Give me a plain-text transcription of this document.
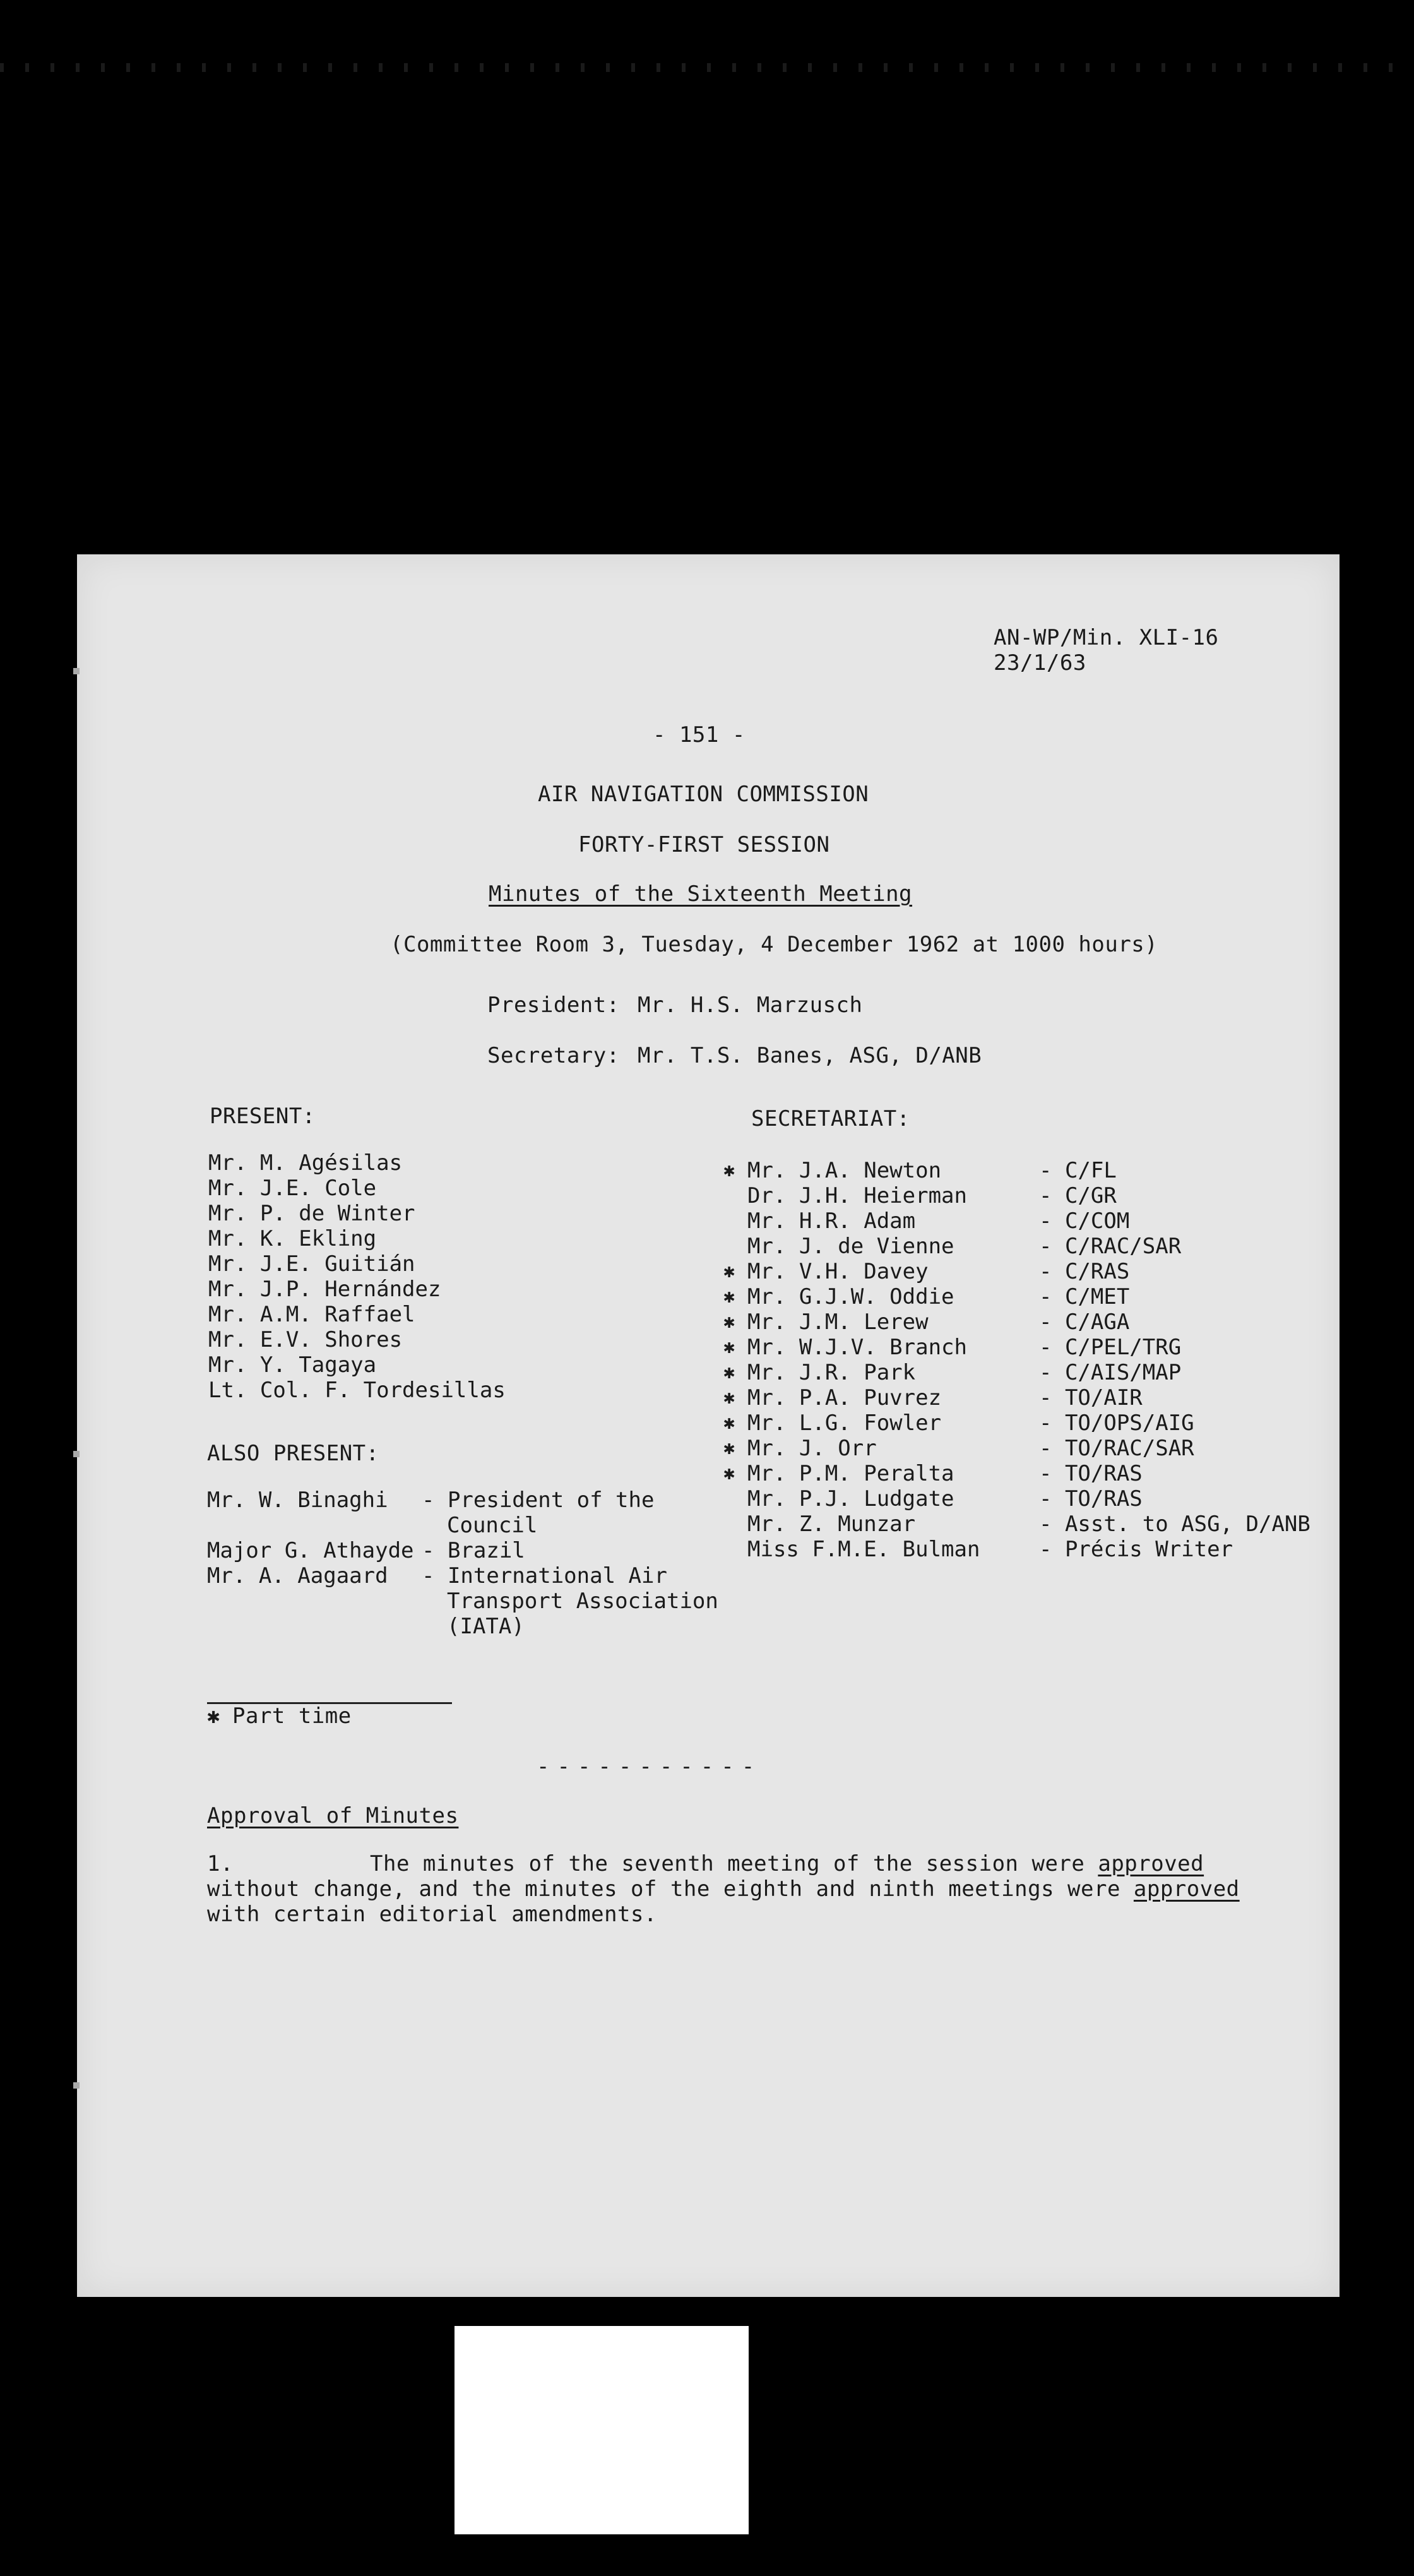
AN-WP/Min. XLI-16
23/1/63
- 151 -
AIR NAVIGATION COMMISSION
FORTY-FIRST SESSION
Minutes of the Sixteenth Meeting
(Committee Room 3, Tuesday, 4 December 1962 at 1000 hours)
President: Mr. H.S. Marzusch
Secretary: Mr. T.S. Banes, ASG, D/ANB
PRESENT:
Mr. M. Agésilas
Mr. J.E. Cole
Mr. P. de Winter
Mr. K. Ekling
Mr. J.E. Guitián
Mr. J.P. Hernández
Mr. A.M. Raffael
Mr. E.V. Shores
Mr. Y. Tagaya
Lt. Col. F. Tordesillas
ALSO PRESENT:
Mr. W. Binaghi - President of the
Council
Major G. Athayde - Brazil
Mr. A. Aagaard - International Air
Transport Association
(IATA)
SECRETARIAT:
✱ Mr. J.A. Newton	- C/FL
Dr. J.H. Heierman	- C/GR
Mr. H.R. Adam	- C/COM
Mr. J. de Vienne	- C/RAC/SAR
✱ Mr. V.H. Davey	- C/RAS
✱ Mr. G.J.W. Oddie	- C/MET
✱ Mr. J.M. Lerew	- C/AGA
✱ Mr. W.J.V. Branch	- C/PEL/TRG
✱ Mr. J.R. Park	- C/AIS/MAP
✱ Mr. P.A. Puvrez	- TO/AIR
✱ Mr. L.G. Fowler	- TO/OPS/AIG
✱ Mr. J. Orr	- TO/RAC/SAR
✱ Mr. P.M. Peralta	- TO/RAS
Mr. P.J. Ludgate	- TO/RAS
Mr. Z. Munzar	- Asst. to ASG, D/ANB
Miss F.M.E. Bulman	- Précis Writer
✱ Part time
-----------
Approval of Minutes
1.	The minutes of the seventh meeting of the session were approved
without change, and the minutes of the eighth and ninth meetings were approved
with certain editorial amendments.
